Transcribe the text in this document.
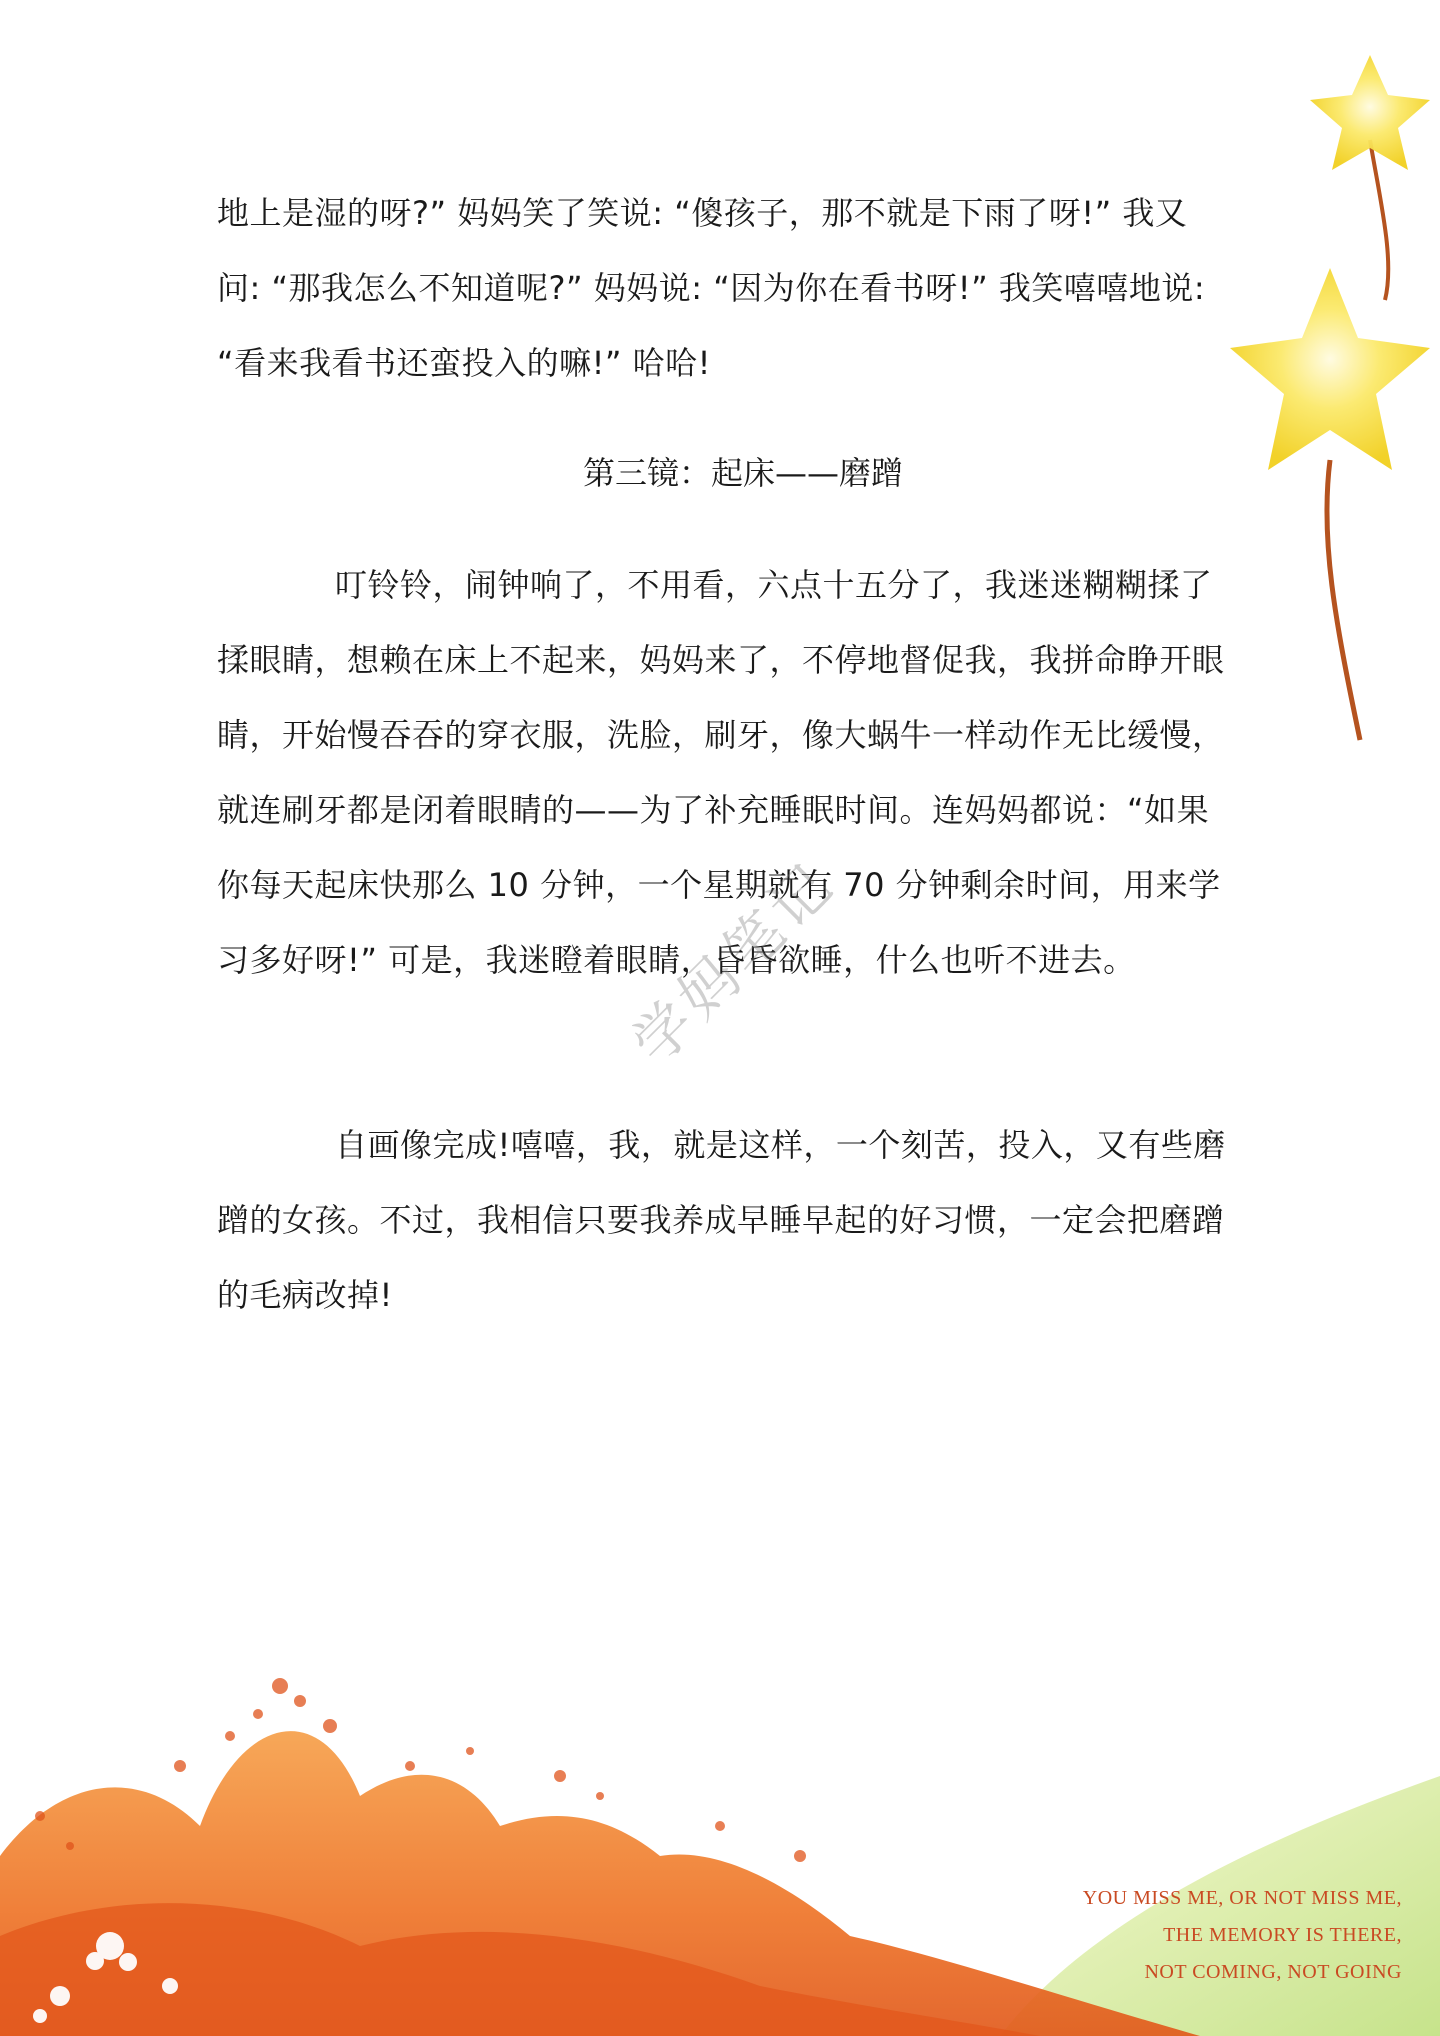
地上是湿的呀?” 妈妈笑了笑说: “傻孩子，那不就是下雨了呀!” 我又问: “那我怎么不知道呢?” 妈妈说: “因为你在看书呀!” 我笑嘻嘻地说: “看来我看书还蛮投入的嘛!” 哈哈!
第三镜：起床——磨蹭
叮铃铃，闹钟响了，不用看，六点十五分了，我迷迷糊糊揉了揉眼睛，想赖在床上不起来，妈妈来了，不停地督促我，我拼命睁开眼睛，开始慢吞吞的穿衣服，洗脸，刷牙，像大蜗牛一样动作无比缓慢，就连刷牙都是闭着眼睛的——为了补充睡眠时间。连妈妈都说：“如果你每天起床快那么 10 分钟，一个星期就有 70 分钟剩余时间，用来学习多好呀!” 可是，我迷瞪着眼睛，昏昏欲睡，什么也听不进去。
学妈笔记
自画像完成!嘻嘻，我，就是这样，一个刻苦，投入，又有些磨蹭的女孩。不过，我相信只要我养成早睡早起的好习惯，一定会把磨蹭的毛病改掉!
YOU MISS ME, OR NOT MISS ME,
THE MEMORY IS THERE,
NOT COMING, NOT GOING
